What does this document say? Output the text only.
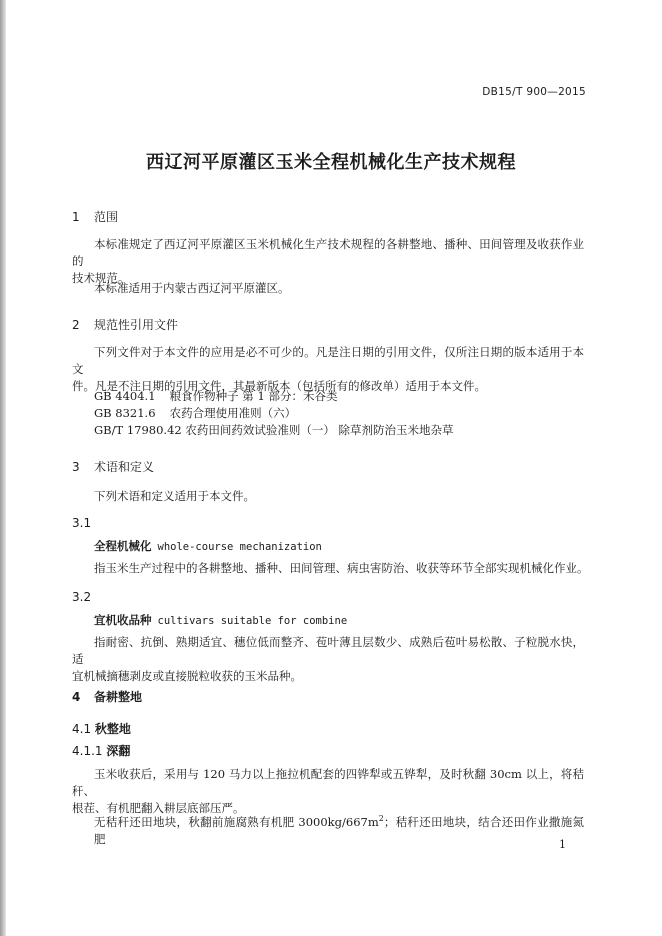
DB15/T 900—2015
西辽河平原灌区玉米全程机械化生产技术规程
1 范围
本标准规定了西辽河平原灌区玉米机械化生产技术规程的各耕整地、播种、田间管理及收获作业的
技术规范。
本标准适用于内蒙古西辽河平原灌区。
2 规范性引用文件
下列文件对于本文件的应用是必不可少的。凡是注日期的引用文件，仅所注日期的版本适用于本文
件。凡是不注日期的引用文件，其最新版本（包括所有的修改单）适用于本文件。
GB 4404.1 粮食作物种子 第 1 部分：禾谷类
GB 8321.6 农药合理使用准则（六）
GB/T 17980.42 农药田间药效试验准则（一） 除草剂防治玉米地杂草
3 术语和定义
下列术语和定义适用于本文件。
3.1
全程机械化 whole-course mechanization
指玉米生产过程中的各耕整地、播种、田间管理、病虫害防治、收获等环节全部实现机械化作业。
3.2
宜机收品种 cultivars suitable for combine
指耐密、抗倒、熟期适宜、穗位低而整齐、苞叶薄且层数少、成熟后苞叶易松散、子粒脱水快，适
宜机械摘穗剥皮或直接脱粒收获的玉米品种。
4 备耕整地
4.1 秋整地
4.1.1 深翻
玉米收获后，采用与 120 马力以上拖拉机配套的四铧犁或五铧犁，及时秋翻 30cm 以上，将秸秆、
根茬、有机肥翻入耕层底部压严。
无秸秆还田地块，秋翻前施腐熟有机肥 $3000kg/667m^2$；秸秆还田地块，结合还田作业撒施氮肥	1
